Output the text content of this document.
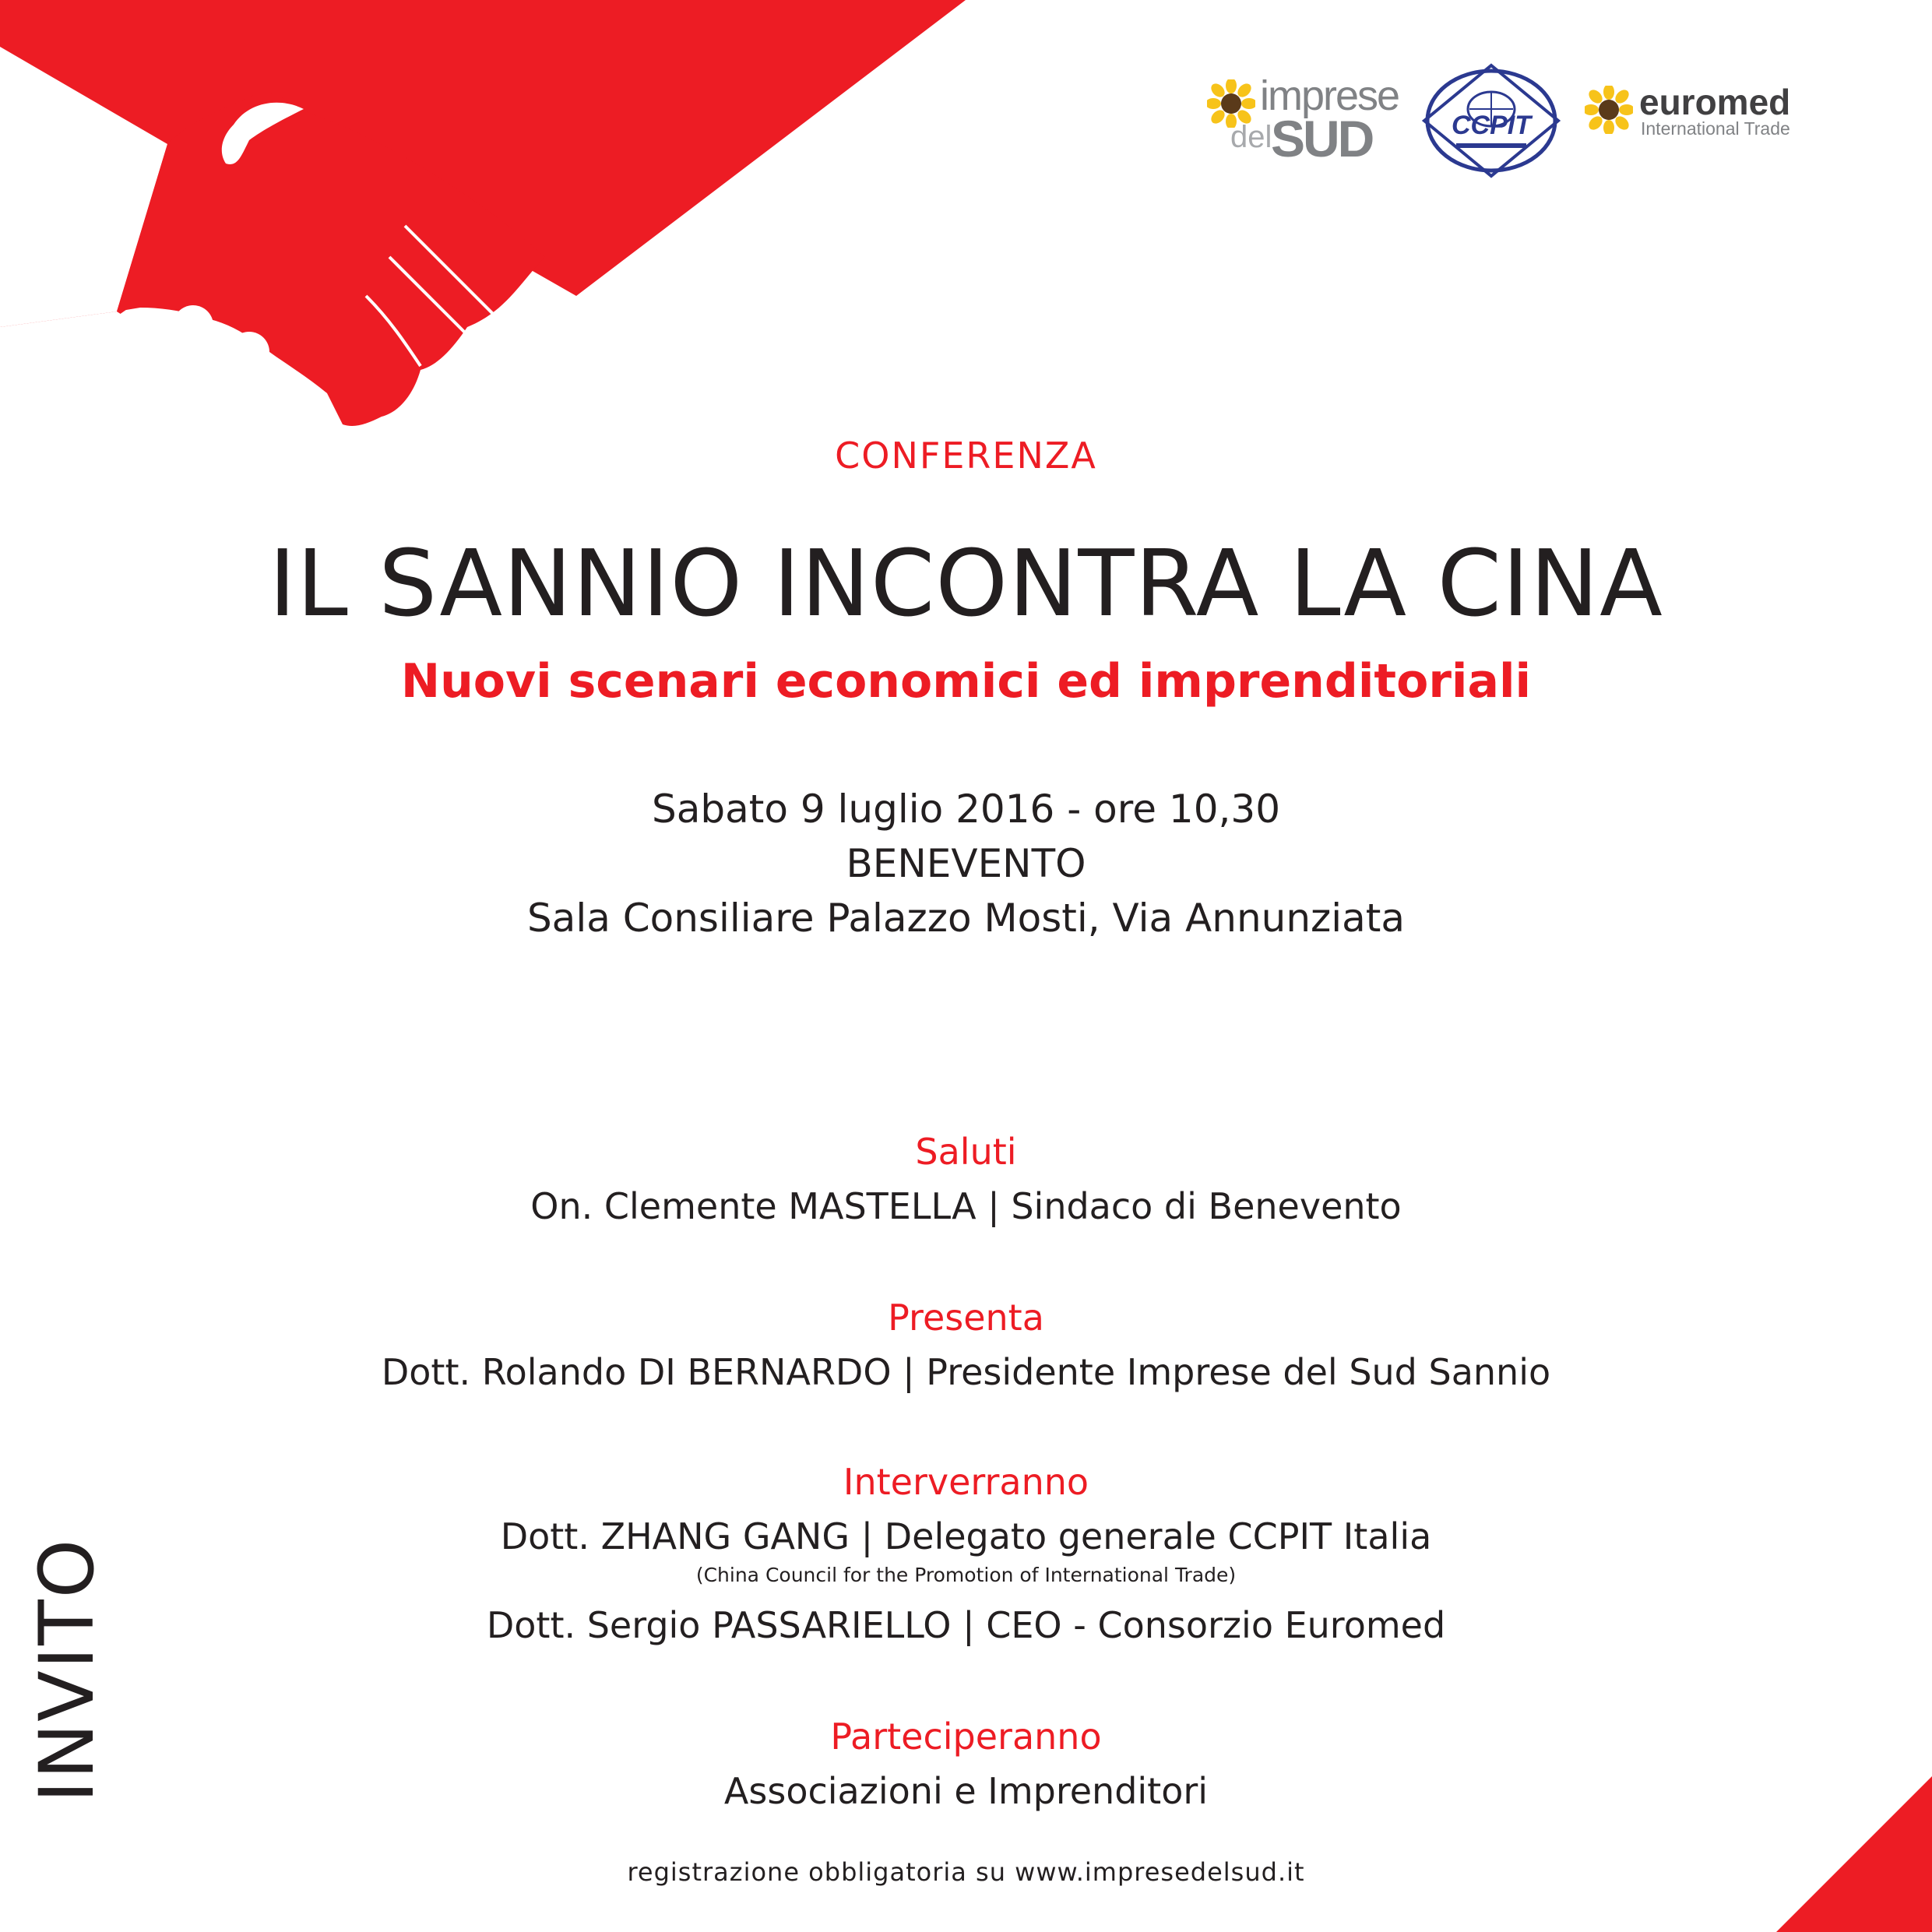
imprese
del
SUD	CCPIT
euromed
International Trade
CONFERENZA
IL SANNIO INCONTRA LA CINA
Nuovi scenari economici ed imprenditoriali
Sabato 9 luglio 2016 - ore 10,30
BENEVENTO
Sala Consiliare Palazzo Mosti, Via Annunziata
Saluti
On. Clemente MASTELLA | Sindaco di Benevento
Presenta
Dott. Rolando DI BERNARDO | Presidente Imprese del Sud Sannio
Interverranno
Dott. ZHANG GANG | Delegato generale CCPIT Italia
(China Council for the Promotion of International Trade)
Dott. Sergio PASSARIELLO | CEO - Consorzio Euromed
Parteciperanno
Associazioni e Imprenditori
registrazione obbligatoria su www.impresedelsud.it
INVITO
